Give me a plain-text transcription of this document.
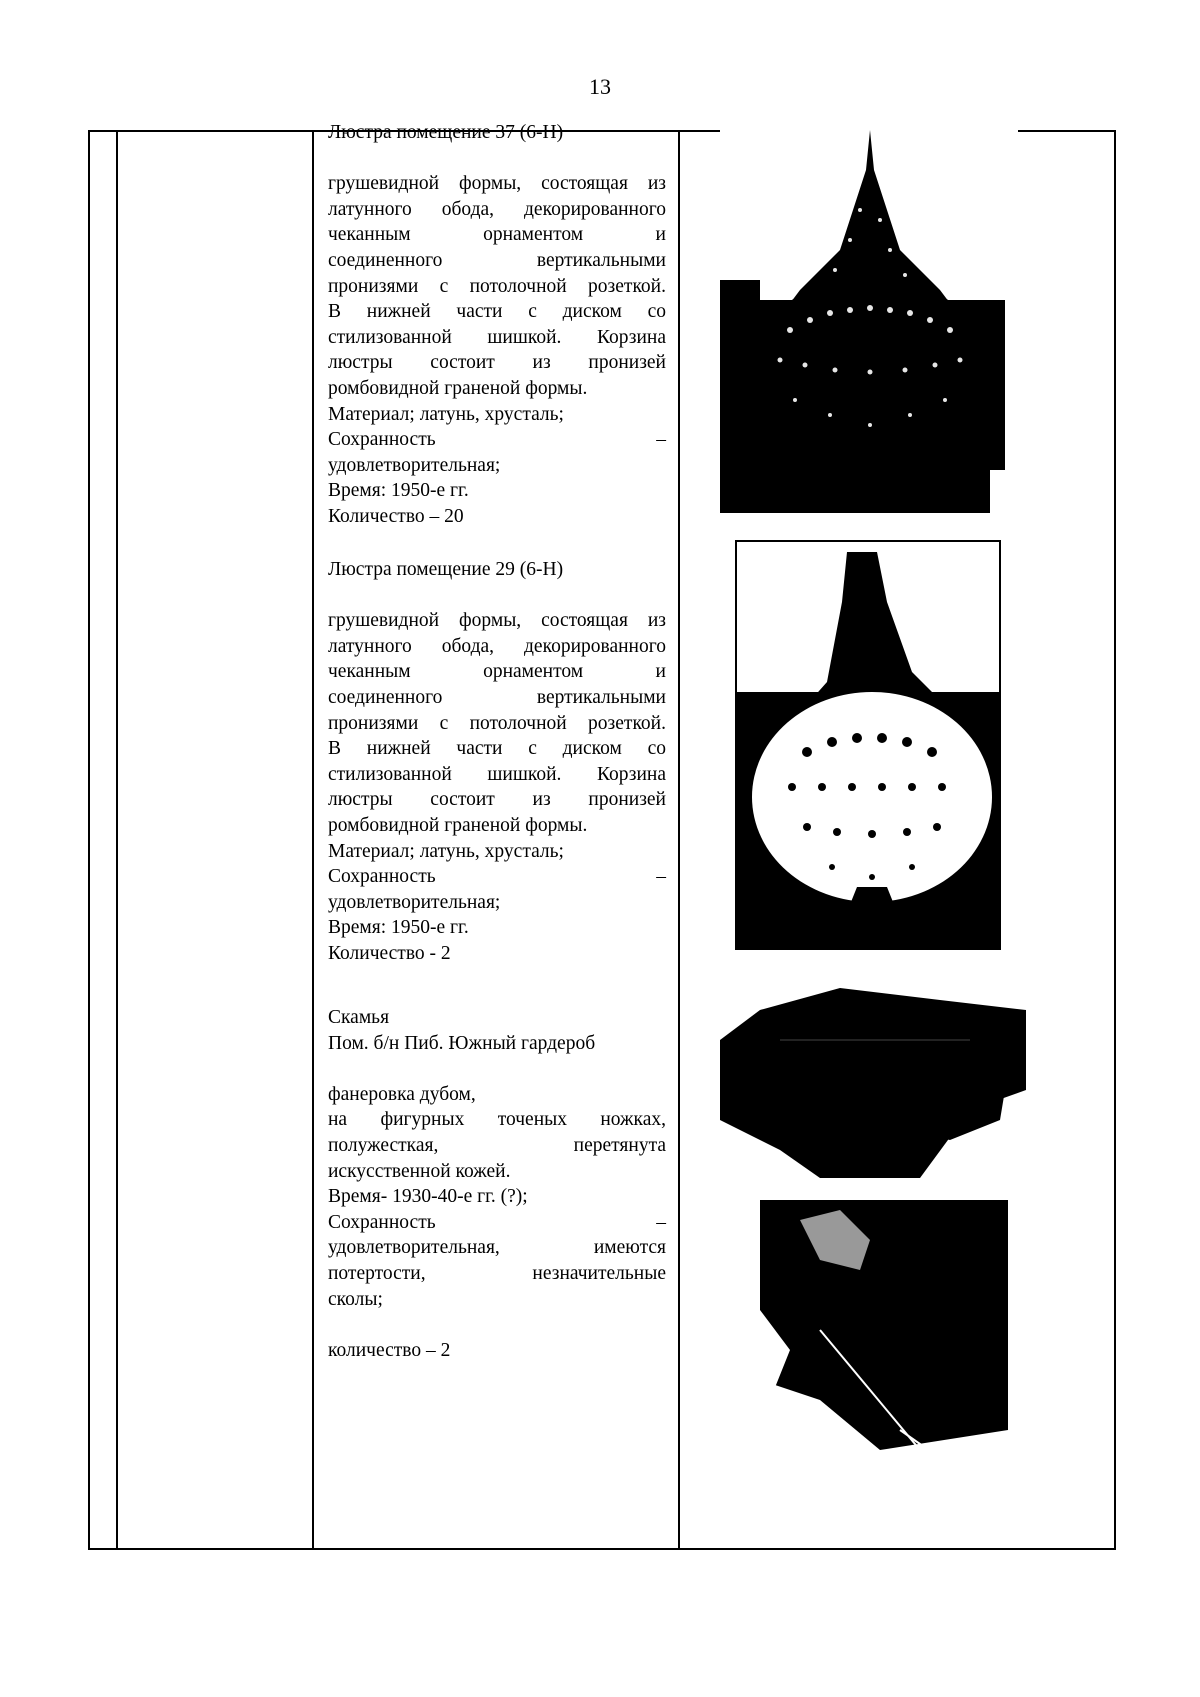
13

Люстра помещение 37 (6-Н)

грушевидной формы, состоящая из

латунного обода, декорированного

чеканным орнаментом и

соединенного вертикальными

пронизями с потолочной розеткой.

В нижней части с диском со

стилизованной шишкой. Корзина

люстры состоит из пронизей

ромбовидной граненой формы.

Материал; латунь, хрусталь;

Сохранность	–

удовлетворительная;

Время: 1950-е гг.

Количество – 20

Люстра помещение 29 (6-Н)

грушевидной формы, состоящая из

латунного обода, декорированного

чеканным орнаментом и

соединенного вертикальными

пронизями с потолочной розеткой.

В нижней части с диском со

стилизованной шишкой. Корзина

люстры состоит из пронизей

ромбовидной граненой формы.

Материал; латунь, хрусталь;

Сохранность	–

удовлетворительная;

Время: 1950-е гг.

Количество - 2

Скамья

Пом. б/н Пиб. Южный гардероб

фанеровка дубом,

на фигурных точеных ножках,

полужесткая, перетянута

искусственной кожей.

Время- 1930-40-е гг. (?);

Сохранность	–

удовлетворительная, имеются

потертости, незначительные

сколы;

количество – 2
